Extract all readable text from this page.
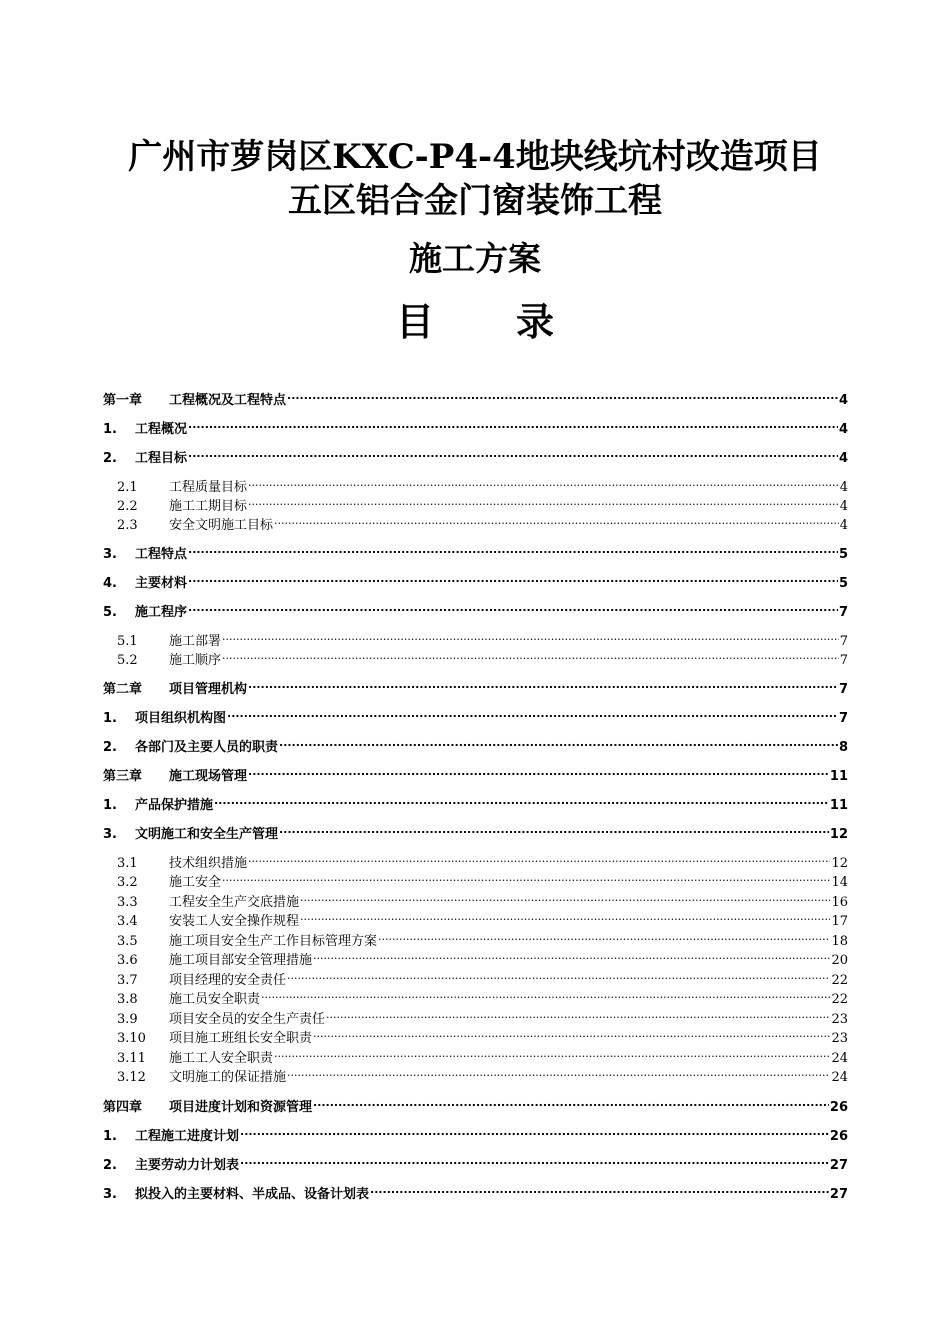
广州市萝岗区KXC-P4-4地块线坑村改造项目
五区铝合金门窗装饰工程
施工方案
目 录
第一章	工程概况及工程特点 .....	4
1.	工程概况 .....	4
2.	工程目标 .....	4
2.1	工程质量目标 .....	4
2.2	施工工期目标 .....	4
2.3	安全文明施工目标 .....	4
3.	工程特点 .....	5
4.	主要材料 .....	5
5.	施工程序 .....	7
5.1	施工部署 .....	7
5.2	施工顺序 .....	7
第二章	项目管理机构 .....	7
1.	项目组织机构图 .....	7
2.	各部门及主要人员的职责 .....	8
第三章	施工现场管理 .....	11
1.	产品保护措施 .....	11
3.	文明施工和安全生产管理 .....	12
3.1	技术组织措施 .....	12
3.2	施工安全 .....	14
3.3	工程安全生产交底措施 .....	16
3.4	安装工人安全操作规程 .....	17
3.5	施工项目安全生产工作目标管理方案 .....	18
3.6	施工项目部安全管理措施 .....	20
3.7	项目经理的安全责任 .....	22
3.8	施工员安全职责 .....	22
3.9	项目安全员的安全生产责任 .....	23
3.10	项目施工班组长安全职责 .....	23
3.11	施工工人安全职责 .....	24
3.12	文明施工的保证措施 .....	24
第四章	项目进度计划和资源管理 .....	26
1.	工程施工进度计划 .....	26
2.	主要劳动力计划表 .....	27
3.	拟投入的主要材料、半成品、设备计划表 .....	27
